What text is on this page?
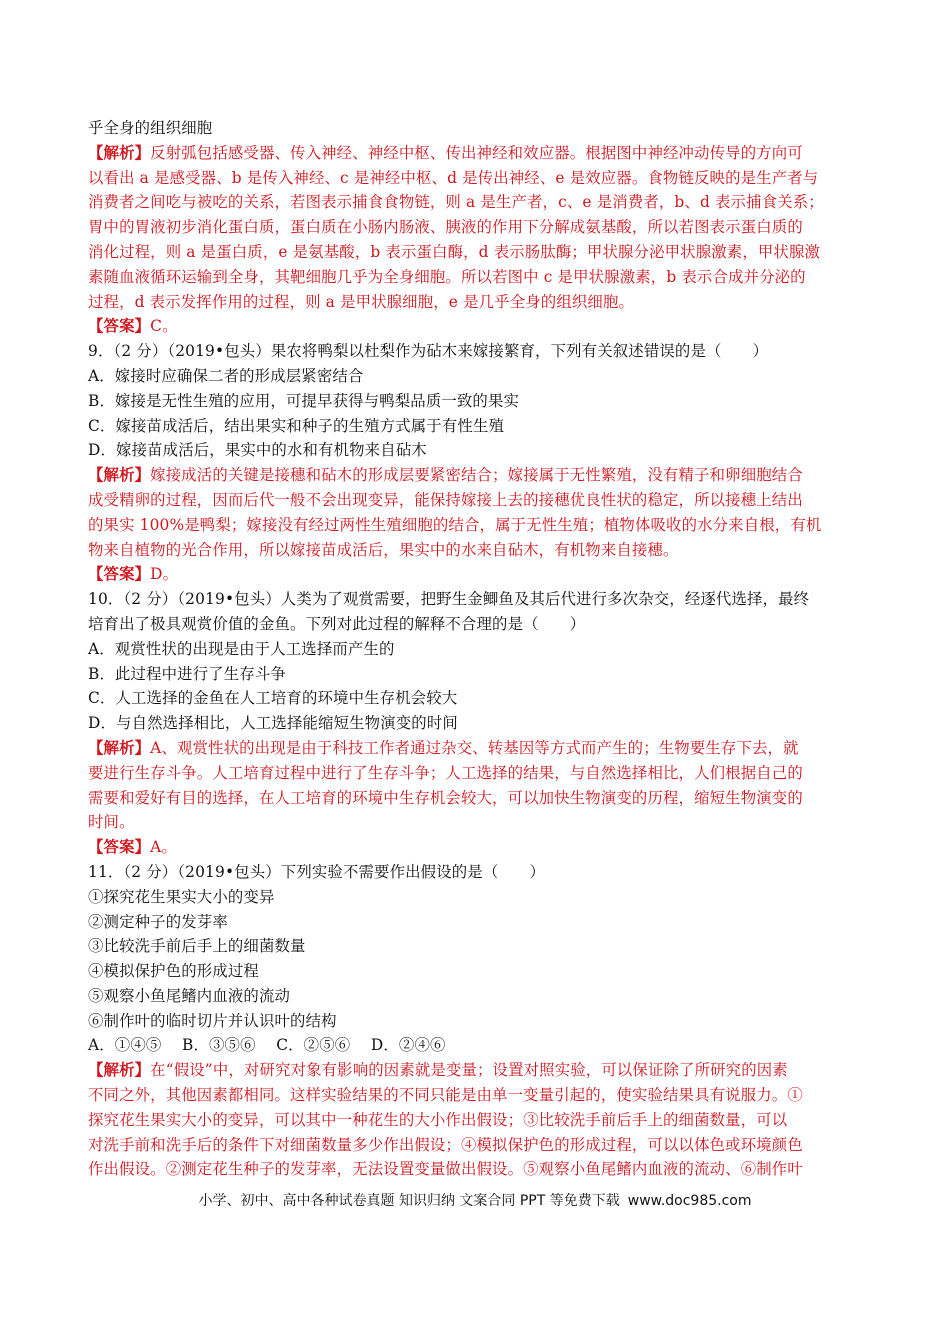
乎全身的组织细胞
【解析】反射弧包括感受器、传入神经、神经中枢、传出神经和效应器。根据图中神经冲动传导的方向可
以看出 a 是感受器、b 是传入神经、c 是神经中枢、d 是传出神经、e 是效应器。食物链反映的是生产者与
消费者之间吃与被吃的关系，若图表示捕食食物链，则 a 是生产者，c、e 是消费者，b、d 表示捕食关系；
胃中的胃液初步消化蛋白质，蛋白质在小肠内肠液、胰液的作用下分解成氨基酸，所以若图表示蛋白质的
消化过程，则 a 是蛋白质，e 是氨基酸，b 表示蛋白酶，d 表示肠肽酶；甲状腺分泌甲状腺激素，甲状腺激
素随血液循环运输到全身，其靶细胞几乎为全身细胞。所以若图中 c 是甲状腺激素，b 表示合成并分泌的
过程，d 表示发挥作用的过程，则 a 是甲状腺细胞，e 是几乎全身的组织细胞。
【答案】C。
9．（2 分）（2019•包头）果农将鸭梨以杜梨作为砧木来嫁接繁育，下列有关叙述错误的是（　　）
A．嫁接时应确保二者的形成层紧密结合
B．嫁接是无性生殖的应用，可提早获得与鸭梨品质一致的果实
C．嫁接苗成活后，结出果实和种子的生殖方式属于有性生殖
D．嫁接苗成活后，果实中的水和有机物来自砧木
【解析】嫁接成活的关键是接穗和砧木的形成层要紧密结合；嫁接属于无性繁殖，没有精子和卵细胞结合
成受精卵的过程，因而后代一般不会出现变异，能保持嫁接上去的接穗优良性状的稳定，所以接穗上结出
的果实 100%是鸭梨；嫁接没有经过两性生殖细胞的结合，属于无性生殖；植物体吸收的水分来自根，有机
物来自植物的光合作用，所以嫁接苗成活后，果实中的水来自砧木，有机物来自接穗。
【答案】D。
10．（2 分）（2019•包头）人类为了观赏需要，把野生金鲫鱼及其后代进行多次杂交，经逐代选择，最终
培育出了极具观赏价值的金鱼。下列对此过程的解释不合理的是（　　）
A．观赏性状的出现是由于人工选择而产生的
B．此过程中进行了生存斗争
C．人工选择的金鱼在人工培育的环境中生存机会较大
D．与自然选择相比，人工选择能缩短生物演变的时间
【解析】A、观赏性状的出现是由于科技工作者通过杂交、转基因等方式而产生的；生物要生存下去，就
要进行生存斗争。人工培育过程中进行了生存斗争；人工选择的结果，与自然选择相比，人们根据自己的
需要和爱好有目的选择，在人工培育的环境中生存机会较大，可以加快生物演变的历程，缩短生物演变的
时间。
【答案】A。
11．（2 分）（2019•包头）下列实验不需要作出假设的是（　　）
①探究花生果实大小的变异
②测定种子的发芽率
③比较洗手前后手上的细菌数量
④模拟保护色的形成过程
⑤观察小鱼尾鳍内血液的流动
⑥制作叶的临时切片并认识叶的结构
A．①④⑤　 B．③⑤⑥　 C．②⑤⑥　 D．②④⑥
【解析】在“假设”中，对研究对象有影响的因素就是变量；设置对照实验，可以保证除了所研究的因素
不同之外，其他因素都相同。这样实验结果的不同只能是由单一变量引起的，使实验结果具有说服力。①
探究花生果实大小的变异，可以其中一种花生的大小作出假设；③比较洗手前后手上的细菌数量，可以
对洗手前和洗手后的条件下对细菌数量多少作出假设；④模拟保护色的形成过程，可以以体色或环境颜色
作出假设。②测定花生种子的发芽率，无法设置变量做出假设。⑤观察小鱼尾鳍内血液的流动、⑥制作叶
小学、初中、高中各种试卷真题 知识归纳 文案合同 PPT 等免费下载 www.doc985.com
